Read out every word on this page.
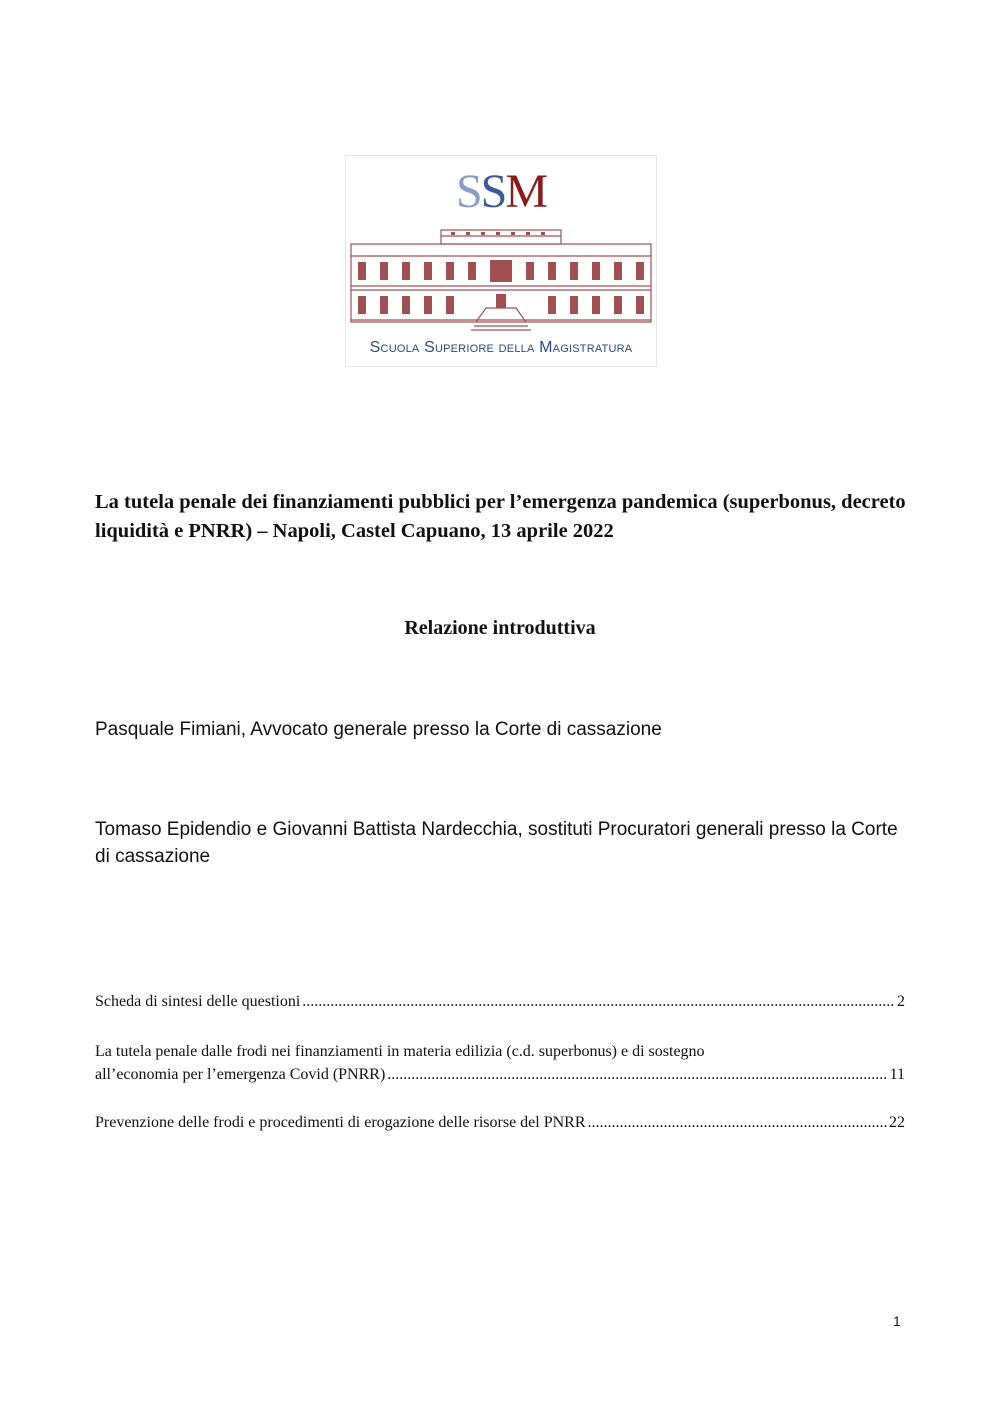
SSM
Scuola Superiore della Magistratura
La tutela penale dei finanziamenti pubblici per l’emergenza pandemica (superbonus, decreto liquidità e PNRR) – Napoli, Castel Capuano, 13 aprile 2022
Relazione introduttiva
Pasquale Fimiani, Avvocato generale presso la Corte di cassazione
Tomaso Epidendio e Giovanni Battista Nardecchia, sostituti Procuratori generali presso la Corte di cassazione
Scheda di sintesi delle questioni .....	2
La tutela penale dalle frodi nei finanziamenti in materia edilizia (c.d. superbonus) e di sostegno
all’economia per l’emergenza Covid (PNRR) .....	11
Prevenzione delle frodi e procedimenti di erogazione delle risorse del PNRR .....	22
1
